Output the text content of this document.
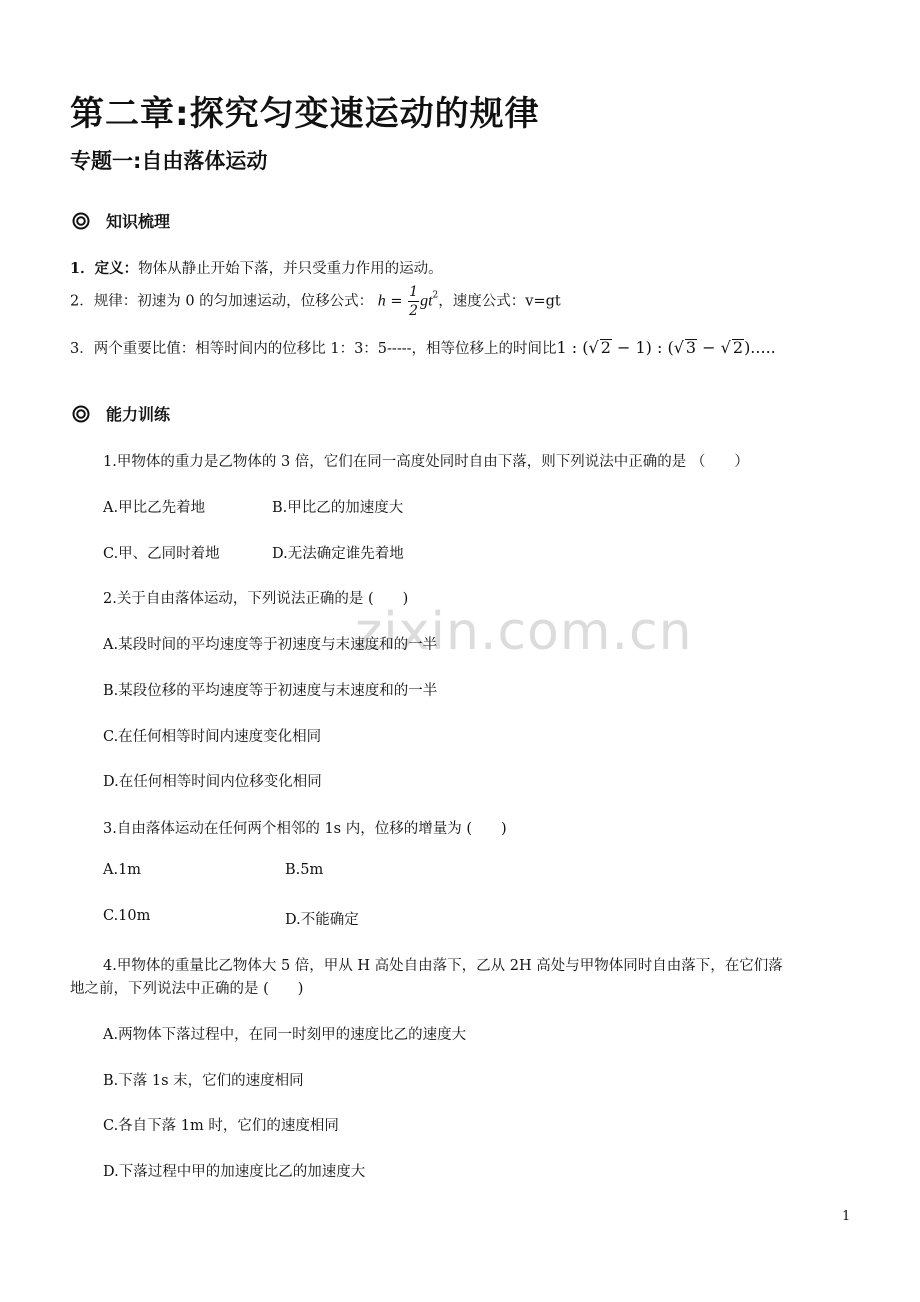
zixin.com.cn
第二章:探究匀变速运动的规律
专题一:自由落体运动
知识梳理
1．定义：物体从静止开始下落，并只受重力作用的运动。
2．规律：初速为 0 的匀加速运动，位移公式： $h = \frac{1}{2} gt^2$，速度公式：v=gt
3．两个重要比值：相等时间内的位移比 1：3：5-----，相等位移上的时间比1 : (√ 2 − 1) : (√ 3 − √ 2).....
能力训练
1.甲物体的重力是乙物体的 3 倍，它们在同一高度处同时自由下落，则下列说法中正确的是 （　　）
A.甲比乙先着地	B.甲比乙的加速度大
C.甲、乙同时着地	D.无法确定谁先着地
2.关于自由落体运动，下列说法正确的是 (　　)
A.某段时间的平均速度等于初速度与末速度和的一半
B.某段位移的平均速度等于初速度与末速度和的一半
C.在任何相等时间内速度变化相同
D.在任何相等时间内位移变化相同
3.自由落体运动在任何两个相邻的 1s 内，位移的增量为 (　　)
A.1m	B.5m
C.10m	D.不能确定
4.甲物体的重量比乙物体大 5 倍，甲从 H 高处自由落下，乙从 2H 高处与甲物体同时自由落下，在它们落
地之前，下列说法中正确的是 (　　)
A.两物体下落过程中，在同一时刻甲的速度比乙的速度大
B.下落 1s 末，它们的速度相同
C.各自下落 1m 时，它们的速度相同
D.下落过程中甲的加速度比乙的加速度大
1
